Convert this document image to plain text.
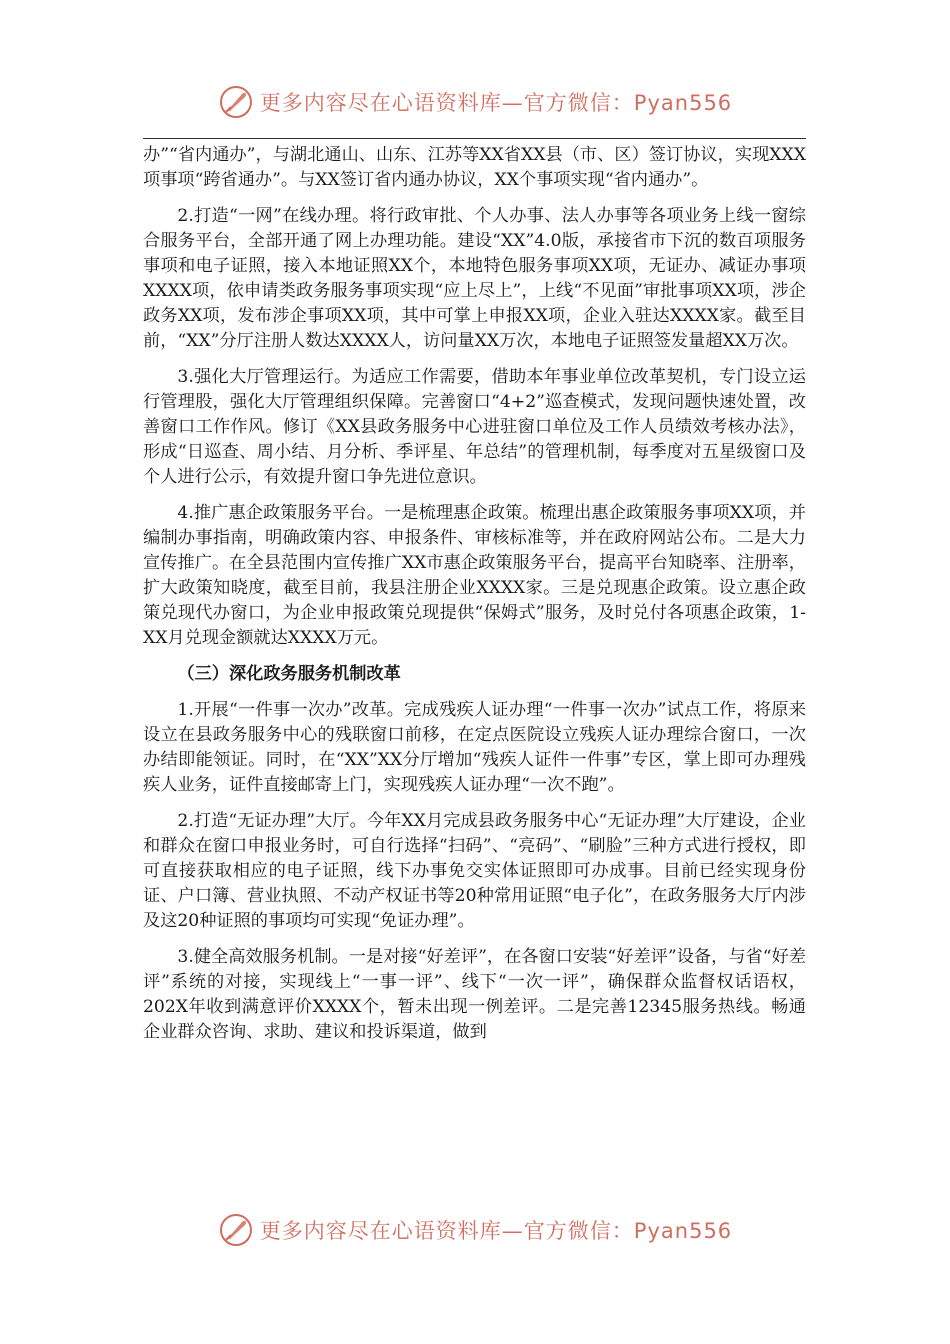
更多内容尽在心语资料库—官方微信：Pyan556

办”“省内通办”，与湖北通山、山东、江苏等XX省XX县（市、区）签订协议，实现XXX项事项“跨省通办”。与XX签订省内通办协议，XX个事项实现“省内通办”。

2.打造“一网”在线办理。将行政审批、个人办事、法人办事等各项业务上线一窗综合服务平台，全部开通了网上办理功能。建设“XX”4.0版，承接省市下沉的数百项服务事项和电子证照，接入本地证照XX个，本地特色服务事项XX项，无证办、减证办事项XXXX项，依申请类政务服务事项实现“应上尽上”，上线“不见面”审批事项XX项，涉企政务XX项，发布涉企事项XX项，其中可掌上申报XX项，企业入驻达XXXX家。截至目前，“XX”分厅注册人数达XXXX人，访问量XX万次，本地电子证照签发量超XX万次。

3.强化大厅管理运行。为适应工作需要，借助本年事业单位改革契机，专门设立运行管理股，强化大厅管理组织保障。完善窗口“4+2”巡查模式，发现问题快速处置，改善窗口工作作风。修订《XX县政务服务中心进驻窗口单位及工作人员绩效考核办法》，形成“日巡查、周小结、月分析、季评星、年总结”的管理机制，每季度对五星级窗口及个人进行公示，有效提升窗口争先进位意识。

4.推广惠企政策服务平台。一是梳理惠企政策。梳理出惠企政策服务事项XX项，并编制办事指南，明确政策内容、申报条件、审核标准等，并在政府网站公布。二是大力宣传推广。在全县范围内宣传推广XX市惠企政策服务平台，提高平台知晓率、注册率，扩大政策知晓度，截至目前，我县注册企业XXXX家。三是兑现惠企政策。设立惠企政策兑现代办窗口，为企业申报政策兑现提供“保姆式”服务，及时兑付各项惠企政策，1-XX月兑现金额就达XXXX万元。

（三）深化政务服务机制改革

1.开展“一件事一次办”改革。完成残疾人证办理“一件事一次办”试点工作，将原来设立在县政务服务中心的残联窗口前移，在定点医院设立残疾人证办理综合窗口，一次办结即能领证。同时，在“XX”XX分厅增加“残疾人证件一件事”专区，掌上即可办理残疾人业务，证件直接邮寄上门，实现残疾人证办理“一次不跑”。

2.打造“无证办理”大厅。今年XX月完成县政务服务中心“无证办理”大厅建设，企业和群众在窗口申报业务时，可自行选择“扫码”、“亮码”、“刷脸”三种方式进行授权，即可直接获取相应的电子证照，线下办事免交实体证照即可办成事。目前已经实现身份证、户口簿、营业执照、不动产权证书等20种常用证照“电子化”，在政务服务大厅内涉及这20种证照的事项均可实现“免证办理”。

3.健全高效服务机制。一是对接“好差评”，在各窗口安装“好差评”设备，与省“好差评”系统的对接，实现线上“一事一评”、线下“一次一评”，确保群众监督权话语权，202X年收到满意评价XXXX个，暂未出现一例差评。二是完善12345服务热线。畅通企业群众咨询、求助、建议和投诉渠道，做到

更多内容尽在心语资料库—官方微信：Pyan556
